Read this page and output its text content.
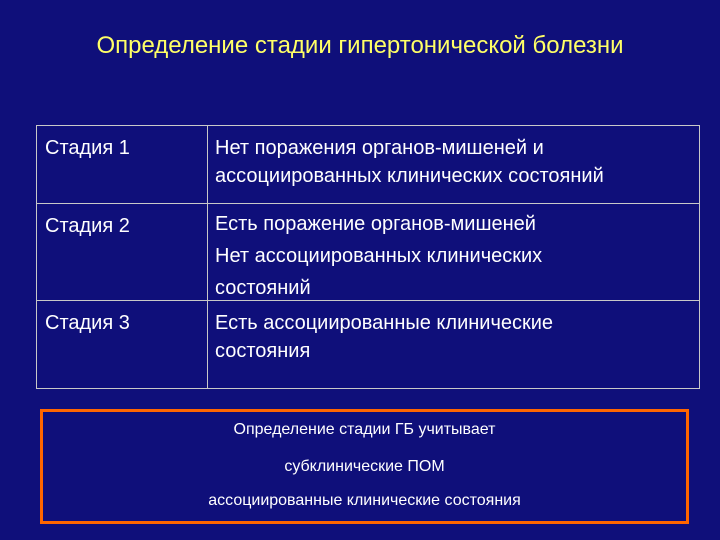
Определение стадии гипертонической болезни
Стадия 1	Нет поражения органов-мишеней и
ассоциированных клинических состояний
Стадия 2	Есть поражение органов-мишеней
Нет ассоциированных клинических
состояний
Стадия 3	Есть ассоциированные клинические
состояния
Определение стадии ГБ учитывает
субклинические ПОМ
ассоциированные клинические состояния
